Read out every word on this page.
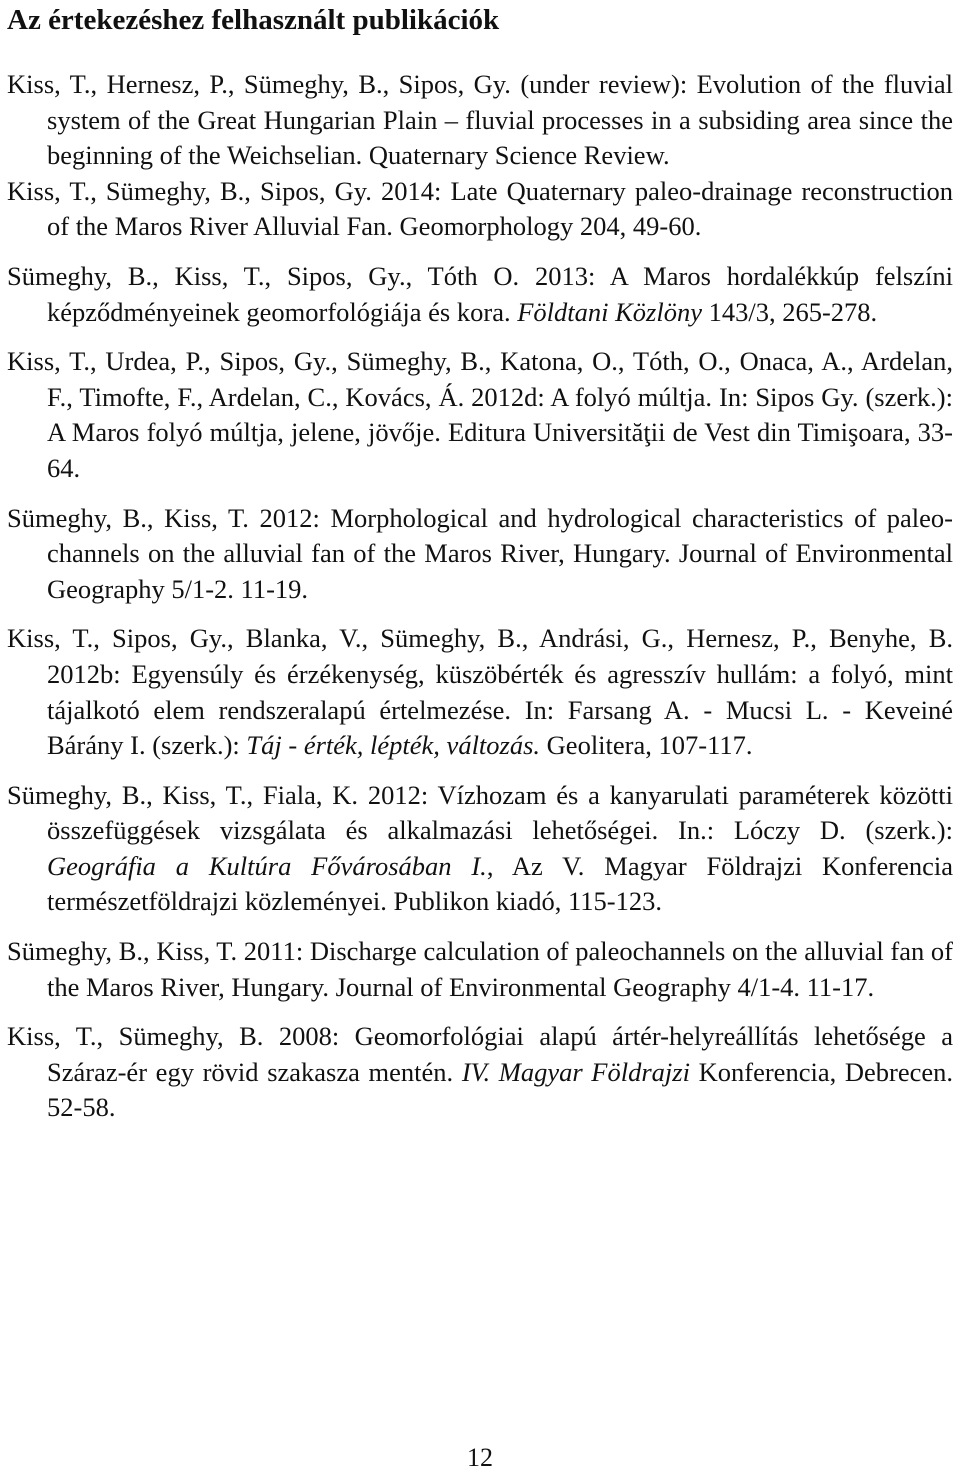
Az értekezéshez felhasznált publikációk

Kiss, T., Hernesz, P., Sümeghy, B., Sipos, Gy. (under review): Evolution of the fluvial system of the Great Hungarian Plain – fluvial processes in a subsiding area since the beginning of the Weichselian. Quaternary Science Review.

Kiss, T., Sümeghy, B., Sipos, Gy. 2014: Late Quaternary paleo-drainage reconstruction of the Maros River Alluvial Fan. Geomorphology 204, 49-60.

Sümeghy, B., Kiss, T., Sipos, Gy., Tóth O. 2013: A Maros hordalékkúp felszíni képződményeinek geomorfológiája és kora. Földtani Közlöny 143/3, 265-278.

Kiss, T., Urdea, P., Sipos, Gy., Sümeghy, B., Katona, O., Tóth, O., Onaca, A., Ardelan, F., Timofte, F., Ardelan, C., Kovács, Á. 2012d: A folyó múltja. In: Sipos Gy. (szerk.): A Maros folyó múltja, jelene, jövője. Editura Universităţii de Vest din Timişoara, 33-64.

Sümeghy, B., Kiss, T. 2012: Morphological and hydrological characteristics of paleo-channels on the alluvial fan of the Maros River, Hungary. Journal of Environmental Geography 5/1-2. 11-19.

Kiss, T., Sipos, Gy., Blanka, V., Sümeghy, B., Andrási, G., Hernesz, P., Benyhe, B. 2012b: Egyensúly és érzékenység, küszöbérték és agresszív hullám: a folyó, mint tájalkotó elem rendszeralapú értelmezése. In: Farsang A. - Mucsi L. - Keveiné Bárány I. (szerk.): Táj - érték, lépték, változás. Geolitera, 107-117.

Sümeghy, B., Kiss, T., Fiala, K. 2012: Vízhozam és a kanyarulati paraméterek közötti összefüggések vizsgálata és alkalmazási lehetőségei. In.: Lóczy D. (szerk.): Geográfia a Kultúra Fővárosában I., Az V. Magyar Földrajzi Konferencia természetföldrajzi közleményei. Publikon kiadó, 115-123.

Sümeghy, B., Kiss, T. 2011: Discharge calculation of paleochannels on the alluvial fan of the Maros River, Hungary. Journal of Environmental Geography 4/1-4. 11-17.

Kiss, T., Sümeghy, B. 2008: Geomorfológiai alapú ártér-helyreállítás lehetősége a Száraz-ér egy rövid szakasza mentén. IV. Magyar Földrajzi Konferencia, Debrecen. 52-58.

12
